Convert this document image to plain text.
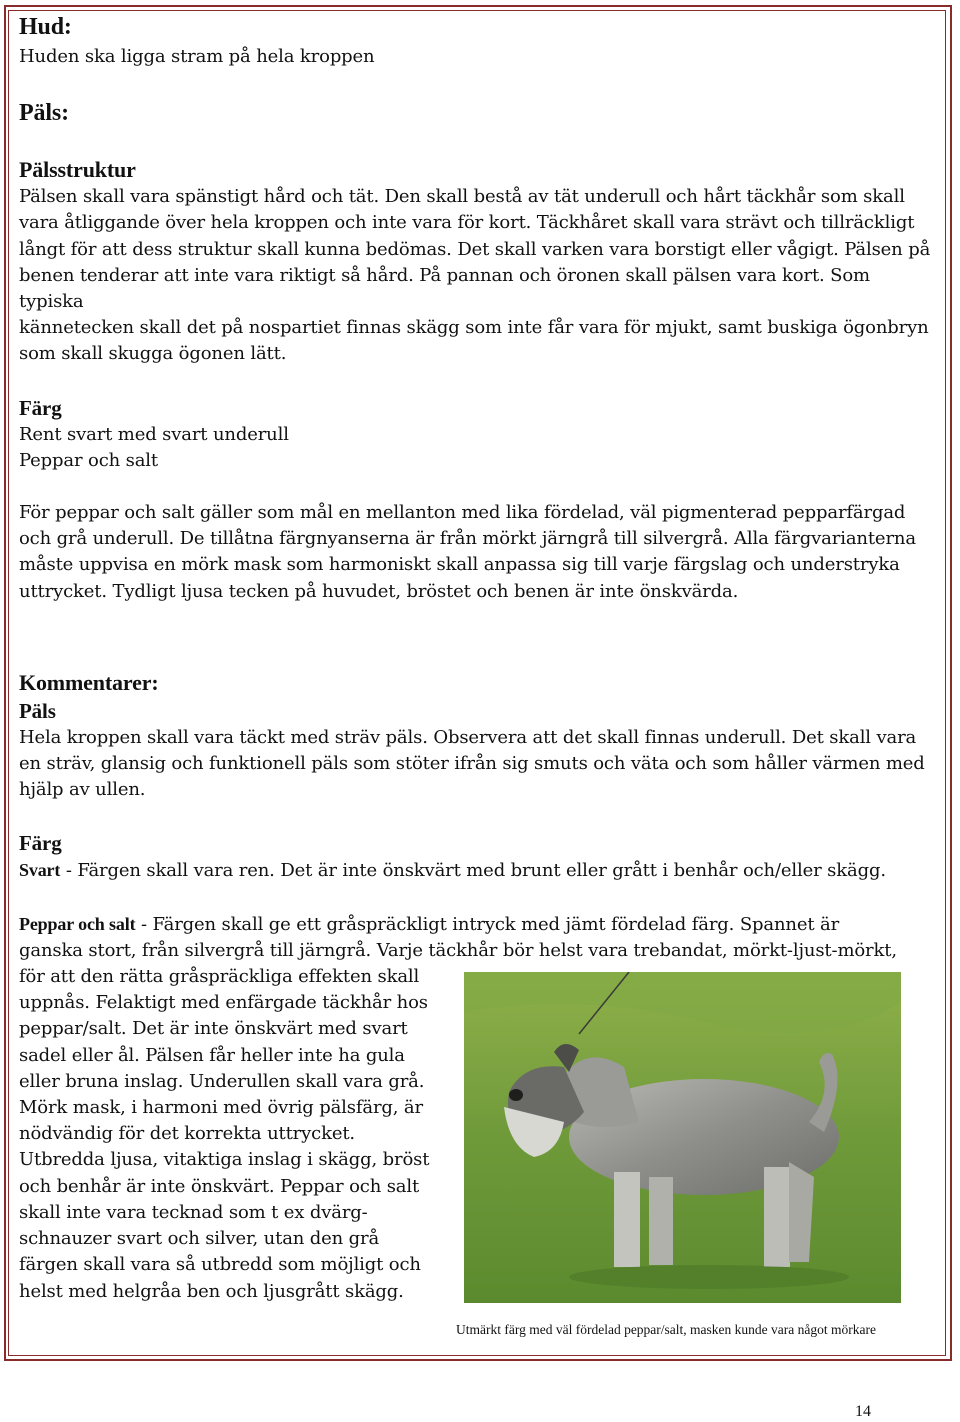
Hud:

Huden ska ligga stram på hela kroppen

Päls:
Pälsstruktur

Pälsen skall vara spänstigt hård och tät. Den skall bestå av tät underull och hårt täckhår som skall

vara åtliggande över hela kroppen och inte vara för kort. Täckhåret skall vara strävt och tillräckligt

långt för att dess struktur skall kunna bedömas. Det skall varken vara borstigt eller vågigt. Pälsen på

benen tenderar att inte vara riktigt så hård. På pannan och öronen skall pälsen vara kort. Som typiska

kännetecken skall det på nospartiet finnas skägg som inte får vara för mjukt, samt buskiga ögonbryn

som skall skugga ögonen lätt.

Färg

Rent svart med svart underull

Peppar och salt

För peppar och salt gäller som mål en mellanton med lika fördelad, väl pigmenterad pepparfärgad

och grå underull. De tillåtna färgnyanserna är från mörkt järngrå till silvergrå. Alla färgvarianterna

måste uppvisa en mörk mask som harmoniskt skall anpassa sig till varje färgslag och understryka

uttrycket. Tydligt ljusa tecken på huvudet, bröstet och benen är inte önskvärda.

Kommentarer:
Päls

Hela kroppen skall vara täckt med sträv päls. Observera att det skall finnas underull. Det skall vara

en sträv, glansig och funktionell päls som stöter ifrån sig smuts och väta och som håller värmen med

hjälp av ullen.

Färg

Svart - Färgen skall vara ren. Det är inte önskvärt med brunt eller grått i benhår och/eller skägg.

Peppar och salt - Färgen skall ge ett gråspräckligt intryck med jämt fördelad färg. Spannet är

ganska stort, från silvergrå till järngrå. Varje täckhår bör helst vara trebandat, mörkt-ljust-mörkt,

för att den rätta gråspräckliga effekten skall

uppnås. Felaktigt med enfärgade täckhår hos

peppar/salt. Det är inte önskvärt med svart

sadel eller ål. Pälsen får heller inte ha gula

eller bruna inslag. Underullen skall vara grå.

Mörk mask, i harmoni med övrig pälsfärg, är

nödvändig för det korrekta uttrycket.

Utbredda ljusa, vitaktiga inslag i skägg, bröst

och benhår är inte önskvärt. Peppar och salt

skall inte vara tecknad som t ex dvärg-

schnauzer svart och silver, utan den grå

färgen skall vara så utbredd som möjligt och

helst med helgråa ben och ljusgrått skägg.

Utmärkt färg med väl fördelad peppar/salt, masken kunde vara något mörkare
14
